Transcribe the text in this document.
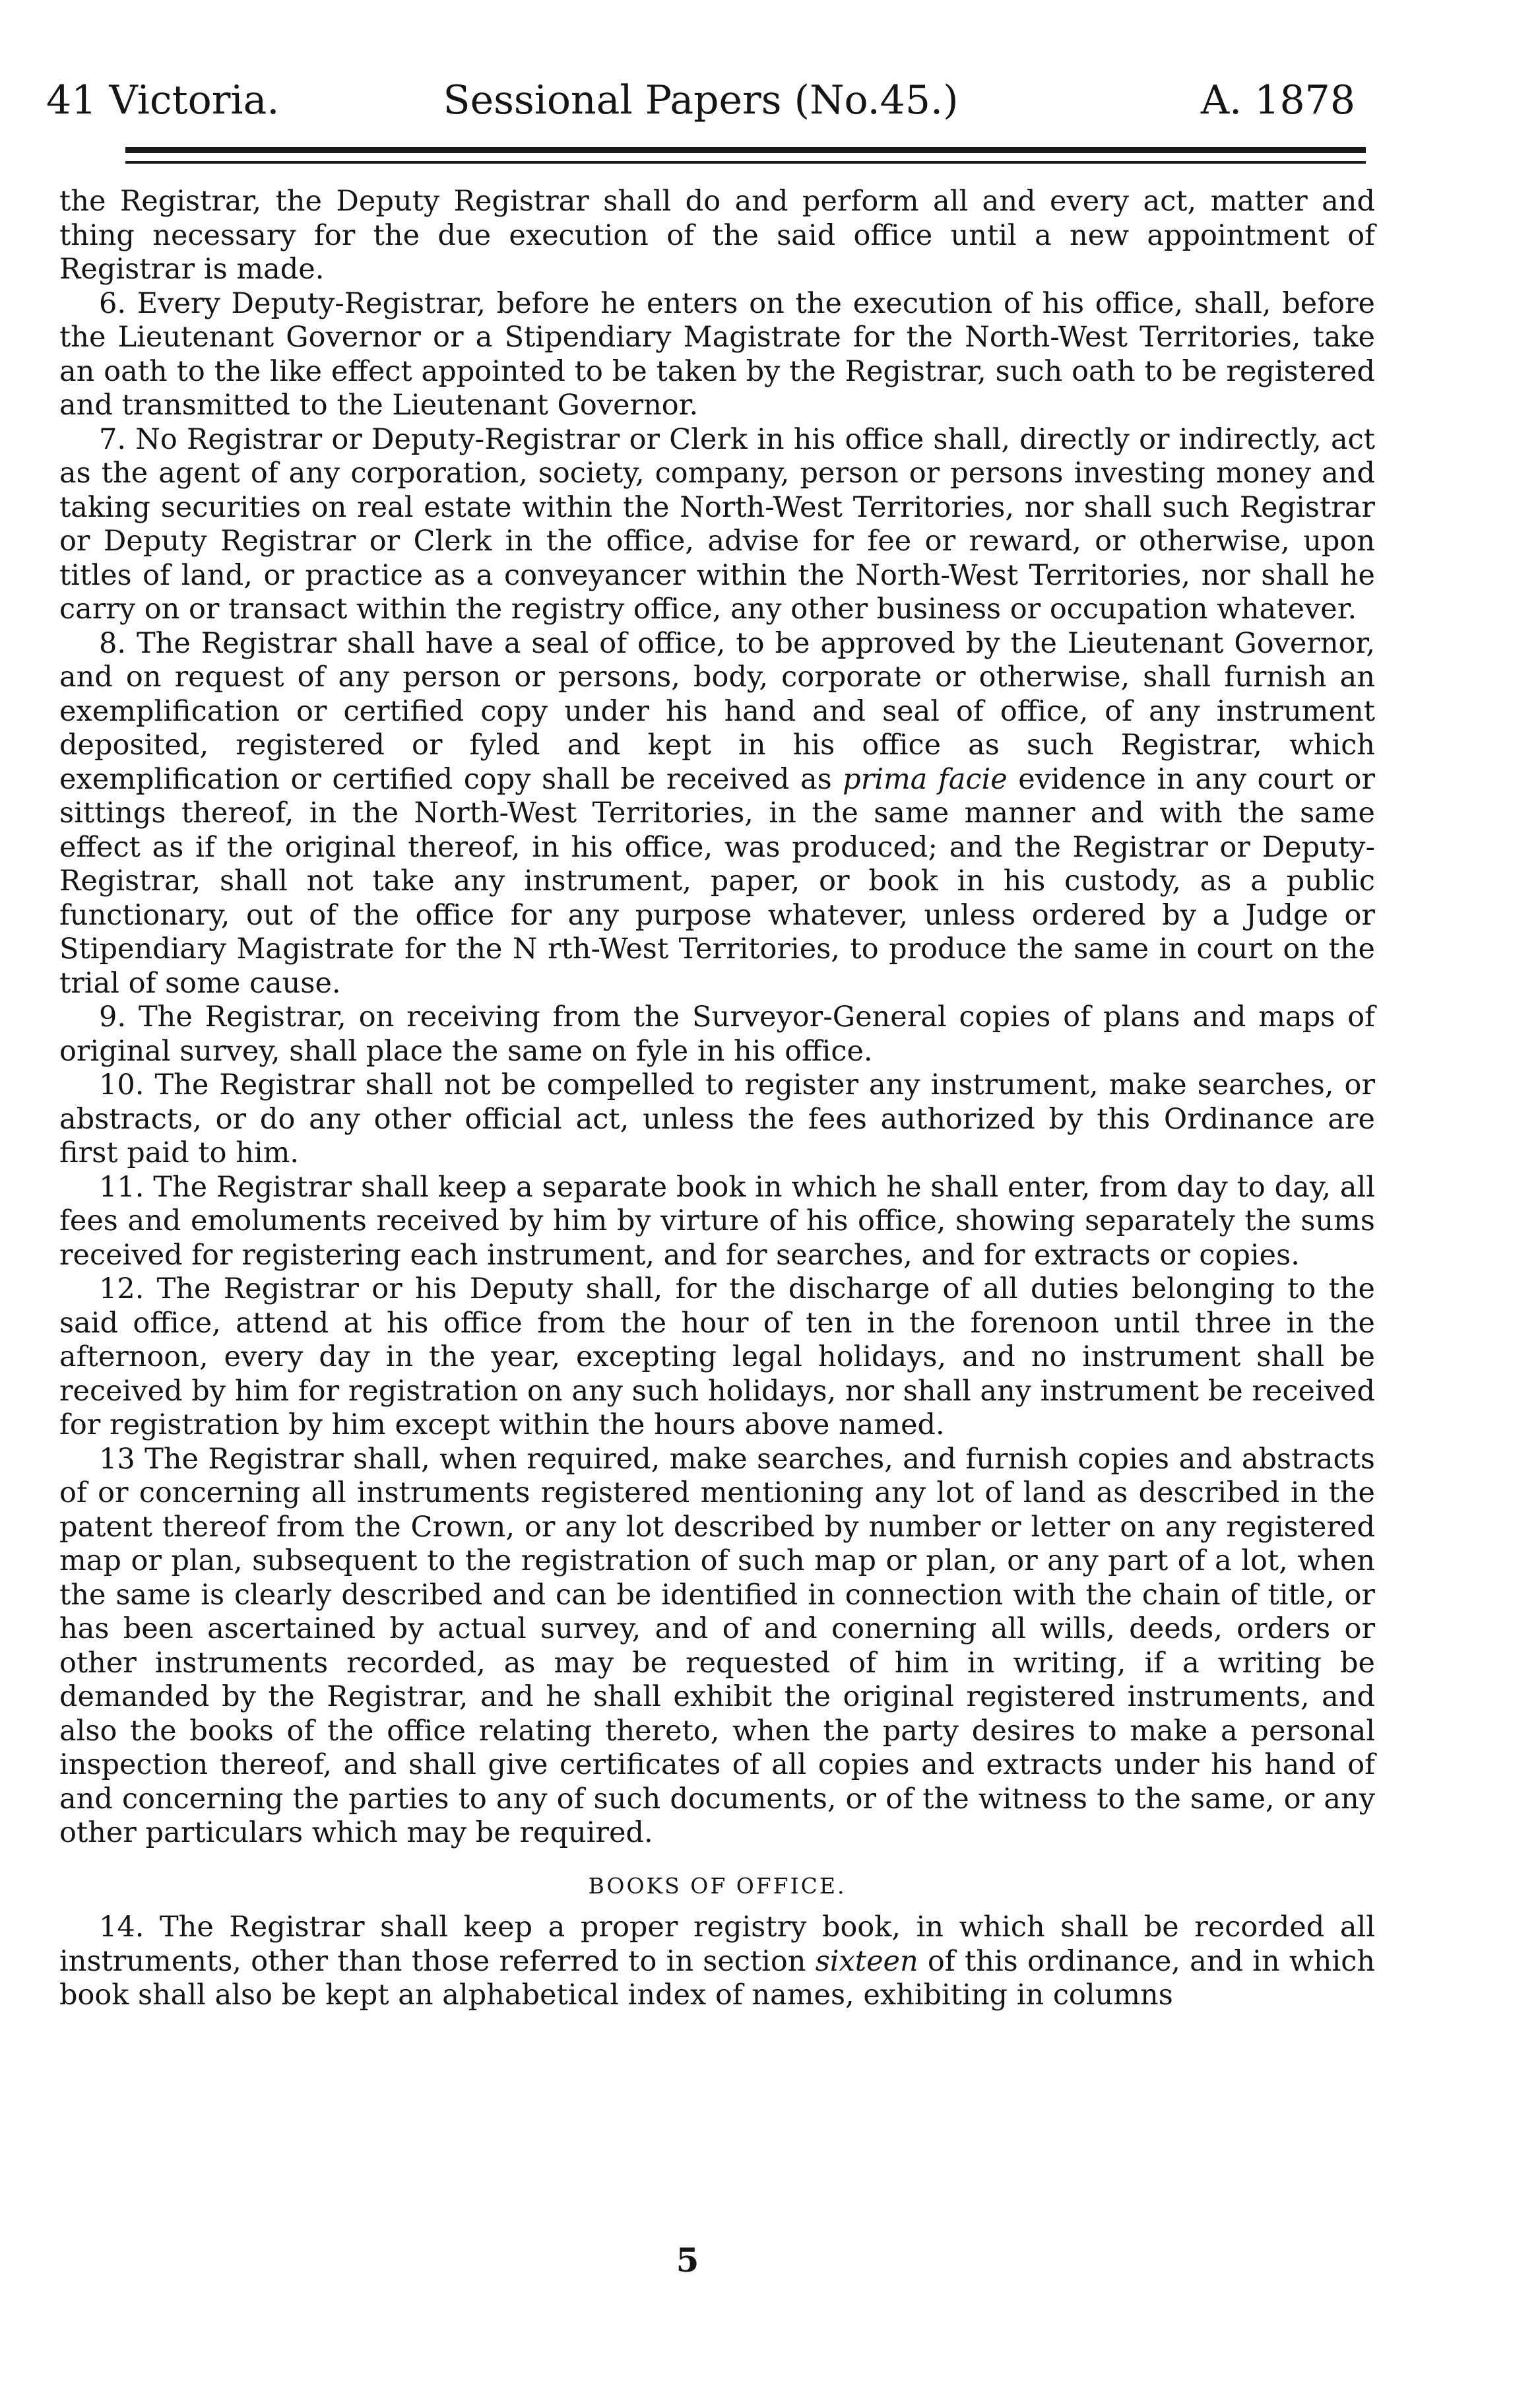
41 Victoria.	Sessional Papers (No.45.)	A. 1878

the Registrar, the Deputy Registrar shall do and perform all and every act, matter and thing necessary for the due execution of the said office until a new appointment of Registrar is made.

6. Every Deputy-Registrar, before he enters on the execution of his office, shall, before the Lieutenant Governor or a Stipendiary Magistrate for the North-West Territories, take an oath to the like effect appointed to be taken by the Registrar, such oath to be registered and transmitted to the Lieutenant Governor.

7. No Registrar or Deputy-Registrar or Clerk in his office shall, directly or indirectly, act as the agent of any corporation, society, company, person or persons investing money and taking securities on real estate within the North-West Territories, nor shall such Registrar or Deputy Registrar or Clerk in the office, advise for fee or reward, or otherwise, upon titles of land, or practice as a conveyancer within the North-West Territories, nor shall he carry on or transact within the registry office, any other business or occupation whatever.

8. The Registrar shall have a seal of office, to be approved by the Lieutenant Governor, and on request of any person or persons, body, corporate or otherwise, shall furnish an exemplification or certified copy under his hand and seal of office, of any instrument deposited, registered or fyled and kept in his office as such Registrar, which exemplification or certified copy shall be received as prima facie evidence in any court or sittings thereof, in the North-West Territories, in the same manner and with the same effect as if the original thereof, in his office, was produced; and the Registrar or Deputy-Registrar, shall not take any instrument, paper, or book in his custody, as a public functionary, out of the office for any purpose whatever, unless ordered by a Judge or Stipendiary Magistrate for the N rth-West Territories, to produce the same in court on the trial of some cause.

9. The Registrar, on receiving from the Surveyor-General copies of plans and maps of original survey, shall place the same on fyle in his office.

10. The Registrar shall not be compelled to register any instrument, make searches, or abstracts, or do any other official act, unless the fees authorized by this Ordinance are first paid to him.

11. The Registrar shall keep a separate book in which he shall enter, from day to day, all fees and emoluments received by him by virture of his office, showing separately the sums received for registering each instrument, and for searches, and for extracts or copies.

12. The Registrar or his Deputy shall, for the discharge of all duties belonging to the said office, attend at his office from the hour of ten in the forenoon until three in the afternoon, every day in the year, excepting legal holidays, and no instrument shall be received by him for registration on any such holidays, nor shall any instrument be received for registration by him except within the hours above named.

13 The Registrar shall, when required, make searches, and furnish copies and abstracts of or concerning all instruments registered mentioning any lot of land as described in the patent thereof from the Crown, or any lot described by number or letter on any registered map or plan, subsequent to the registration of such map or plan, or any part of a lot, when the same is clearly described and can be identified in connection with the chain of title, or has been ascertained by actual survey, and of and conerning all wills, deeds, orders or other instruments recorded, as may be requested of him in writing, if a writing be demanded by the Registrar, and he shall exhibit the original registered instruments, and also the books of the office relating thereto, when the party desires to make a personal inspection thereof, and shall give certificates of all copies and extracts under his hand of and concerning the parties to any of such documents, or of the witness to the same, or any other particulars which may be required.

BOOKS OF OFFICE.

14. The Registrar shall keep a proper registry book, in which shall be recorded all instruments, other than those referred to in section sixteen of this ordinance, and in which book shall also be kept an alphabetical index of names, exhibiting in columns

5
